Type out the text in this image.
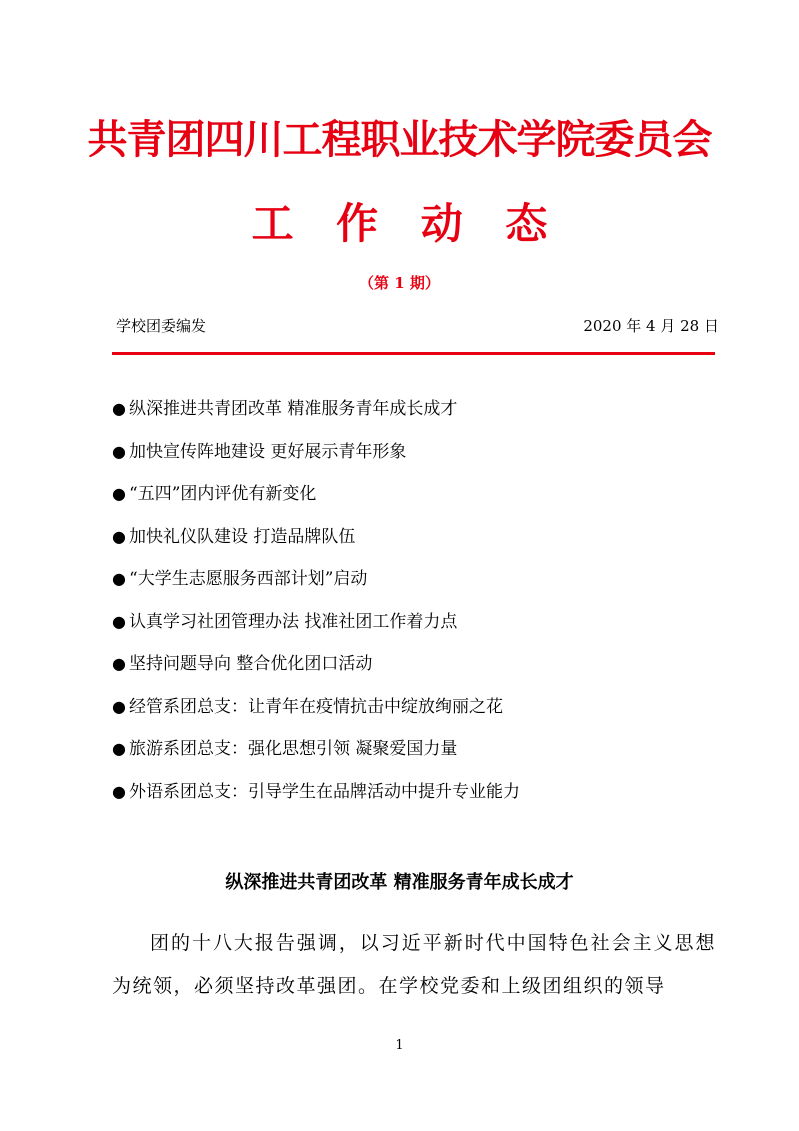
共青团四川工程职业技术学院委员会
工 作 动 态
（第 1 期）
学校团委编发	2020 年 4 月 28 日
● 纵深推进共青团改革 精准服务青年成长成才
● 加快宣传阵地建设 更好展示青年形象
● “五四”团内评优有新变化
● 加快礼仪队建设 打造品牌队伍
● “大学生志愿服务西部计划”启动
● 认真学习社团管理办法 找准社团工作着力点
● 坚持问题导向 整合优化团口活动
● 经管系团总支：让青年在疫情抗击中绽放绚丽之花
● 旅游系团总支：强化思想引领 凝聚爱国力量
● 外语系团总支：引导学生在品牌活动中提升专业能力
纵深推进共青团改革 精准服务青年成长成才

团的十八大报告强调，以习近平新时代中国特色社会主义思想为统领，必须坚持改革强团。在学校党委和上级团组织的领导

1
